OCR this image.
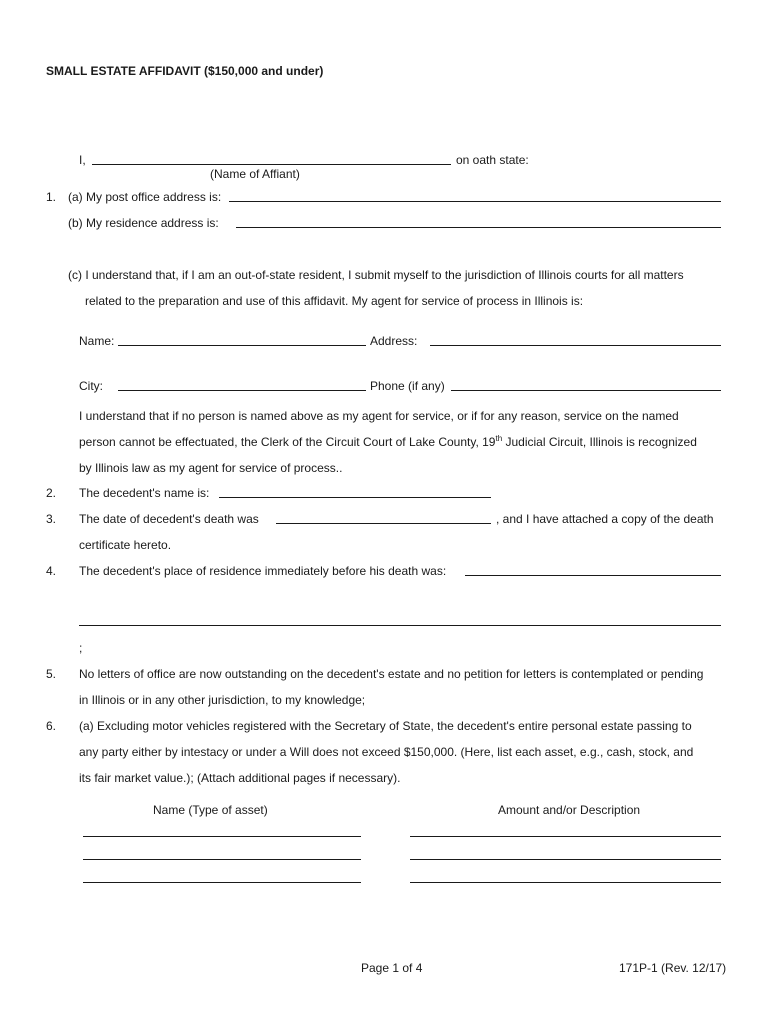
SMALL ESTATE AFFIDAVIT ($150,000 and under)
I,	on oath state:
(Name of Affiant)
1. (a) My post office address is:
(b) My residence address is:
(c) I understand that, if I am an out-of-state resident, I submit myself to the jurisdiction of Illinois courts for all matters
related to the preparation and use of this affidavit. My agent for service of process in Illinois is:
Name:	Address:
City:	Phone (if any)
I understand that if no person is named above as my agent for service, or if for any reason, service on the named
person cannot be effectuated, the Clerk of the Circuit Court of Lake County, 19th Judicial Circuit, Illinois is recognized
by Illinois law as my agent for service of process..
2. The decedent's name is:
3. The date of decedent's death was	, and I have attached a copy of the death
certificate hereto.
4. The decedent's place of residence immediately before his death was:
;
5. No letters of office are now outstanding on the decedent's estate and no petition for letters is contemplated or pending
in Illinois or in any other jurisdiction, to my knowledge;
6. (a) Excluding motor vehicles registered with the Secretary of State, the decedent's entire personal estate passing to
any party either by intestacy or under a Will does not exceed $150,000. (Here, list each asset, e.g., cash, stock, and
its fair market value.); (Attach additional pages if necessary).
Name (Type of asset)	Amount and/or Description
Page 1 of 4	171P-1 (Rev. 12/17)
